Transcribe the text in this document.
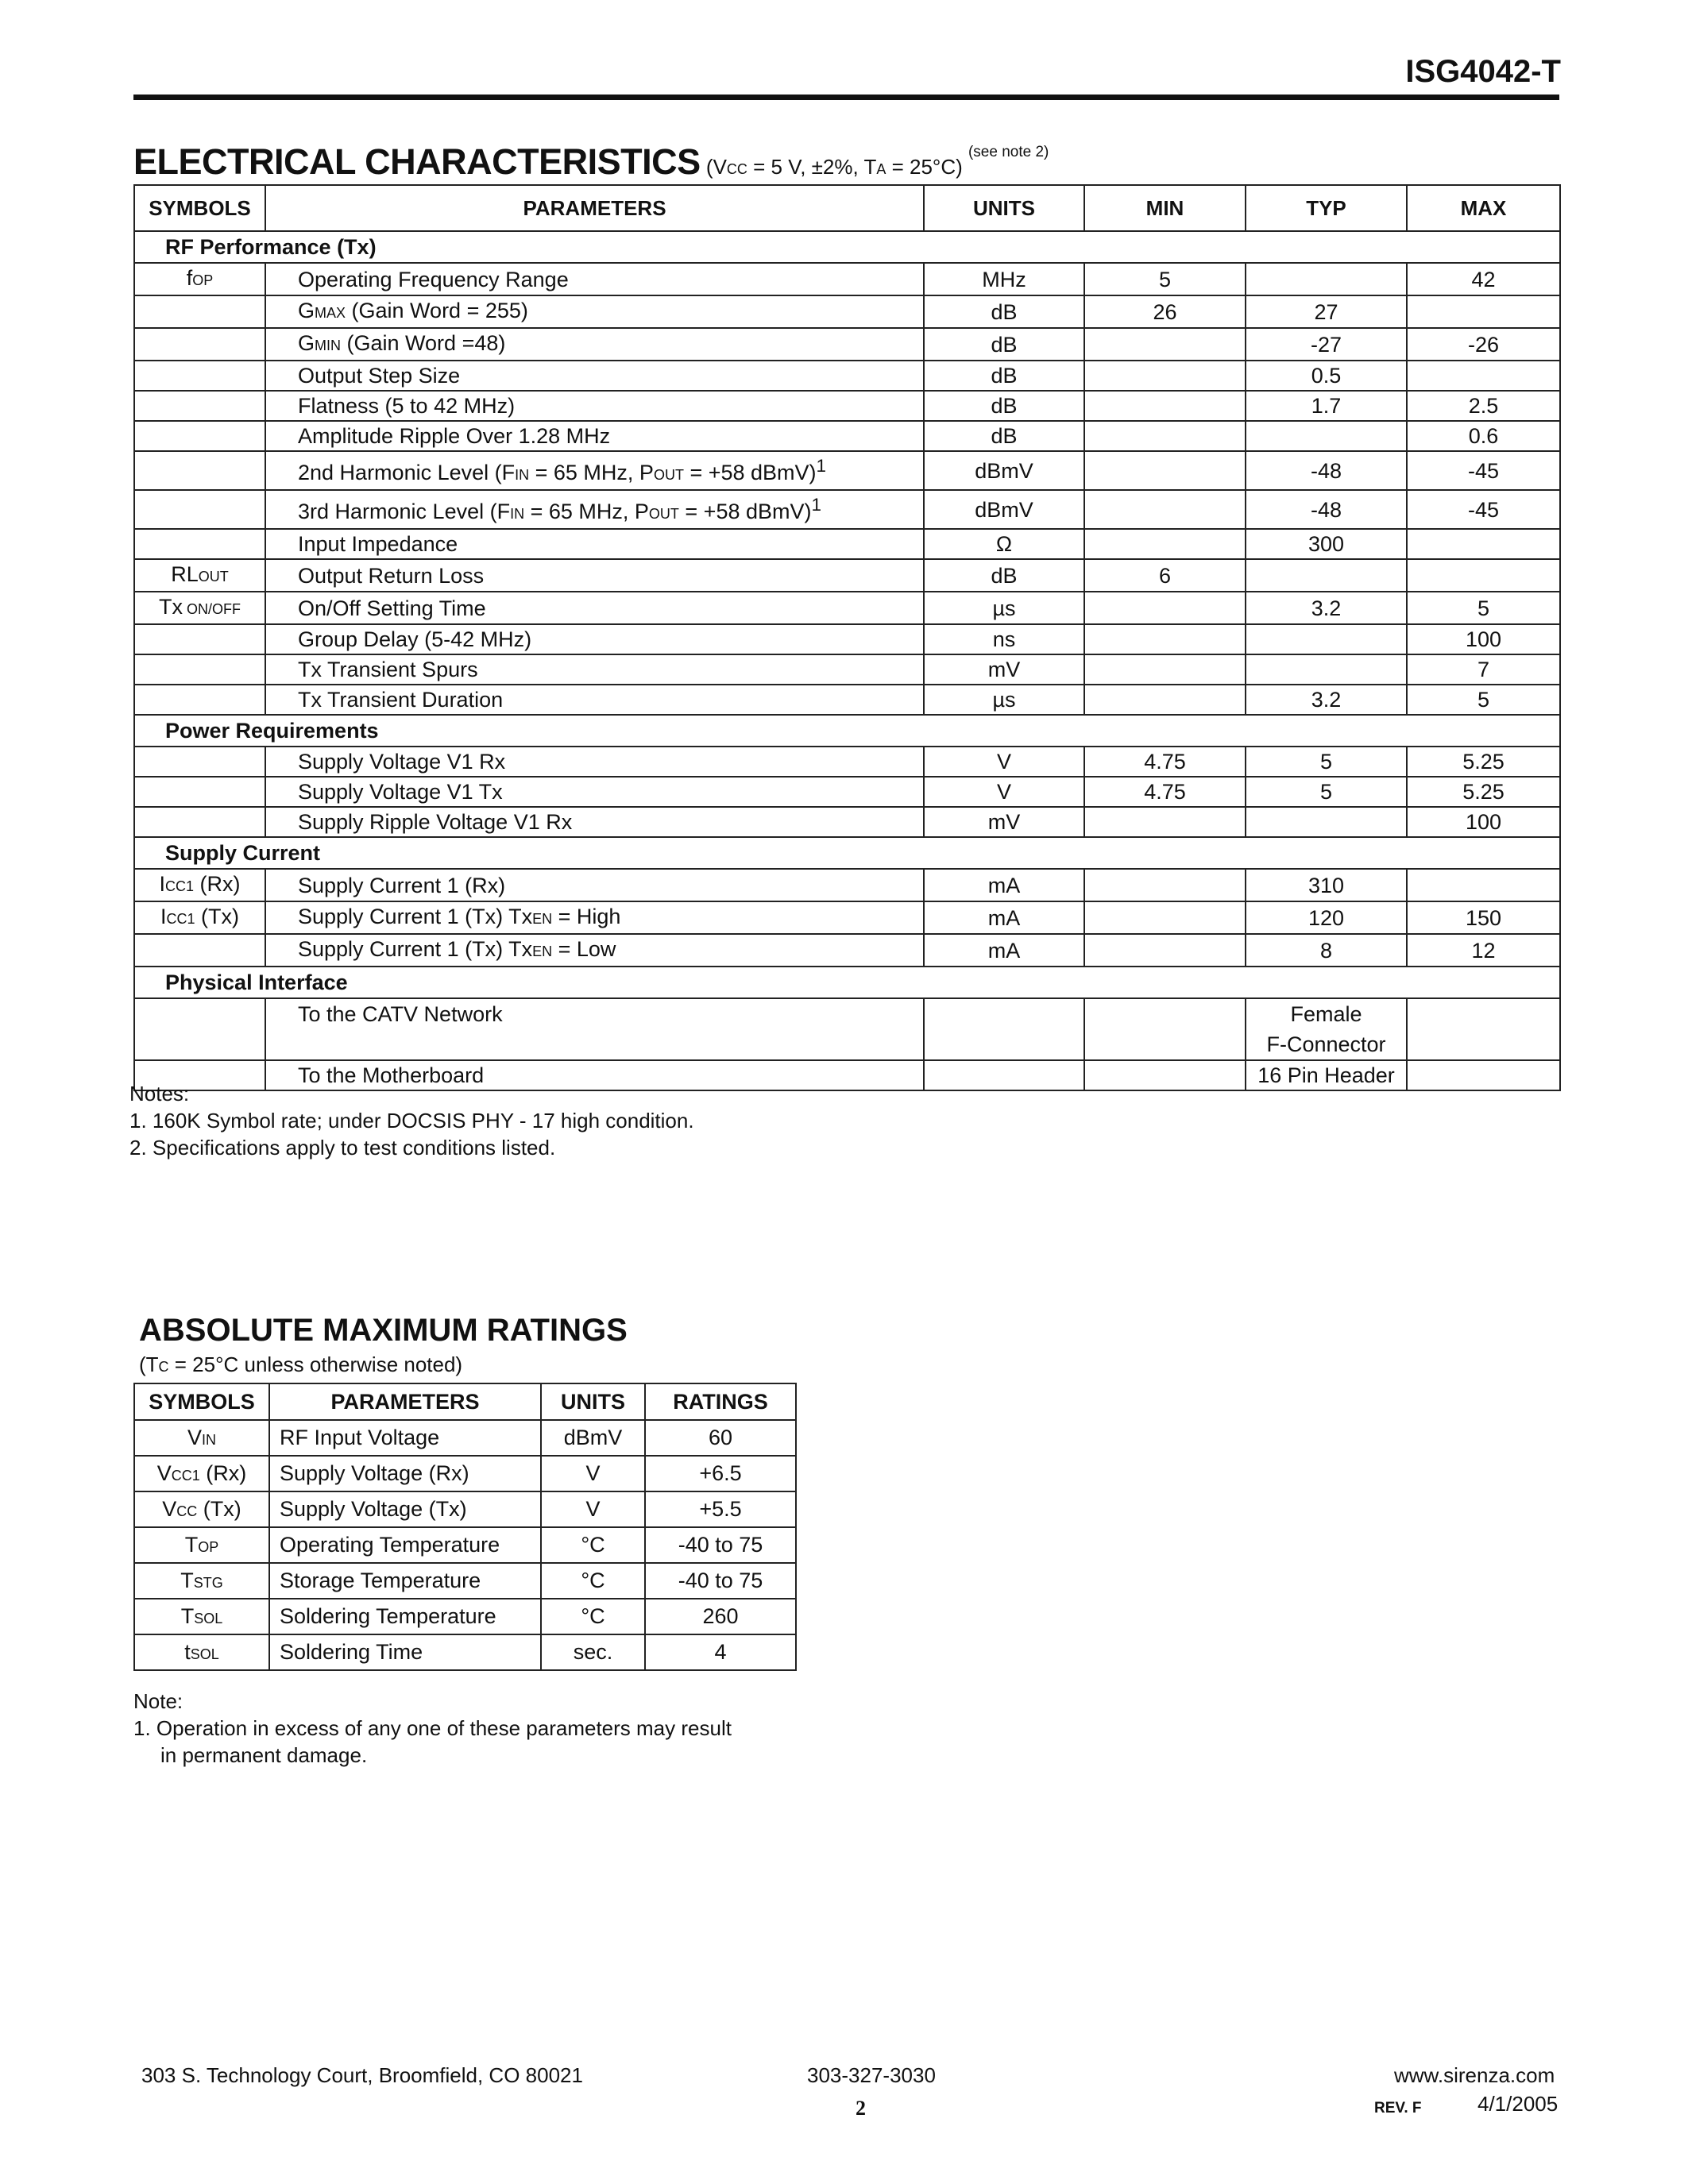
ISG4042-T
ELECTRICAL CHARACTERISTICS (VCC = 5 V, ±2%, TA = 25°C) $^{(see note 2)}$
SYMBOLS	PARAMETERS	UNITS	MIN	TYP	MAX
RF Performance (Tx)					
fOP	Operating Frequency Range	MHz	5		42
	GMAX (Gain Word = 255)	dB	26	27	
	GMIN (Gain Word =48)	dB		-27	-26
	Output Step Size	dB		0.5	
	Flatness (5 to 42 MHz)	dB		1.7	2.5
	Amplitude Ripple Over 1.28 MHz	dB			0.6
	2nd Harmonic Level (FIN = 65 MHz, POUT = +58 dBmV)$^1$	dBmV		-48	-45
	3rd Harmonic Level (FIN = 65 MHz, POUT = +58 dBmV)$^1$	dBmV		-48	-45
	Input Impedance	Ω		300	
RLOUT	Output Return Loss	dB	6		
Tx ON/OFF	On/Off Setting Time	µs		3.2	5
	Group Delay (5-42 MHz)	ns			100
	Tx Transient Spurs	mV			7
	Tx Transient Duration	µs		3.2	5
Power Requirements					
	Supply Voltage V1 Rx	V	4.75	5	5.25
	Supply Voltage V1 Tx	V	4.75	5	5.25
	Supply Ripple Voltage V1 Rx	mV			100
Supply Current					
ICC1 (Rx)	Supply Current 1 (Rx)	mA		310	
ICC1 (Tx)	Supply Current 1 (Tx) TxEN = High	mA		120	150
	Supply Current 1 (Tx) TxEN = Low	mA		8	12
Physical Interface					
	To the CATV Network			Female
F-Connector	

	To the Motherboard			16 Pin Header	
Notes:
1. 160K Symbol rate; under DOCSIS PHY - 17 high condition.
2. Specifications apply to test conditions listed.
ABSOLUTE MAXIMUM RATINGS
(TC = 25°C unless otherwise noted)
SYMBOLS	PARAMETERS	UNITS	RATINGS
VIN	RF Input Voltage	dBmV	60
VCC1 (Rx)	Supply Voltage (Rx)	V	+6.5
VCC (Tx)	Supply Voltage (Tx)	V	+5.5
TOP	Operating Temperature	°C	-40 to 75
TSTG	Storage Temperature	°C	-40 to 75
TSOL	Soldering Temperature	°C	260
tSOL	Soldering Time	sec.	4
Note:
1. Operation in excess of any one of these parameters may result
in permanent damage.
303 S. Technology Court, Broomfield, CO 80021	303-327-3030	www.sirenza.com
2	REV. F	4/1/2005
